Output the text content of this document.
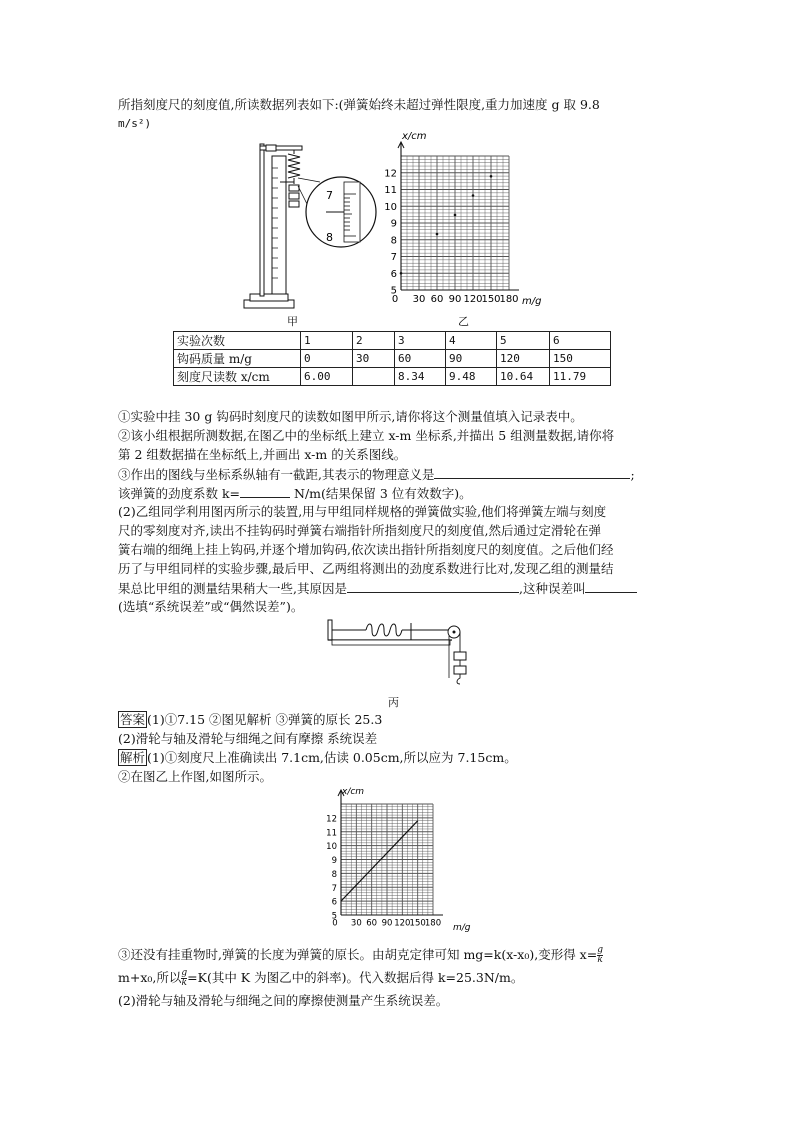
所指刻度尺的刻度值,所读数据列表如下:(弹簧始终未超过弹性限度,重力加速度 g 取 9.8
m/s²)
7
8
甲
x/cm
m/g
5
6
7
8
9
10
11
12
0 30 60 90 120
150
180
乙
实验次数	1	2	3	4	5	6
钩码质量 m/g	0	30	60	90	120	150
刻度尺读数 x/cm	6.00		8.34	9.48	10.64	11.79
①实验中挂 30 g 钩码时刻度尺的读数如图甲所示,请你将这个测量值填入记录表中。
②该小组根据所测数据,在图乙中的坐标纸上建立 x-m 坐标系,并描出 5 组测量数据,请你将
第 2 组数据描在坐标纸上,并画出 x-m 的关系图线。
③作出的图线与坐标系纵轴有一截距,其表示的物理意义是	;
该弹簧的劲度系数 k=	N/m(结果保留 3 位有效数字)。
(2)乙组同学利用图丙所示的装置,用与甲组同样规格的弹簧做实验,他们将弹簧左端与刻度
尺的零刻度对齐,读出不挂钩码时弹簧右端指针所指刻度尺的刻度值,然后通过定滑轮在弹
簧右端的细绳上挂上钩码,并逐个增加钩码,依次读出指针所指刻度尺的刻度值。之后他们经
历了与甲组同样的实验步骤,最后甲、乙两组将测出的劲度系数进行比对,发现乙组的测量结
果总比甲组的测量结果稍大一些,其原因是	,这种误差叫
(选填“系统误差”或“偶然误差”)。
丙
答案 (1)①7.15 ②图见解析 ③弹簧的原长 25.3
(2)滑轮与轴及滑轮与细绳之间有摩擦 系统误差
解析 (1)①刻度尺上准确读出 7.1cm,估读 0.05cm,所以应为 7.15cm。
②在图乙上作图,如图所示。
x/cm
m/g
5
6
7
8
9
10
11
12
0 30 60 90 120 150 180
③还没有挂重物时,弹簧的长度为弹簧的原长。由胡克定律可知 mg=k(x-x₀),变形得 $x= \frac{g}{k}$
m+x₀,所以 $\frac{g}{k} =K$(其中 K 为图乙中的斜率)。代入数据后得 k=25.3N/m。
(2)滑轮与轴及滑轮与细绳之间的摩擦使测量产生系统误差。
